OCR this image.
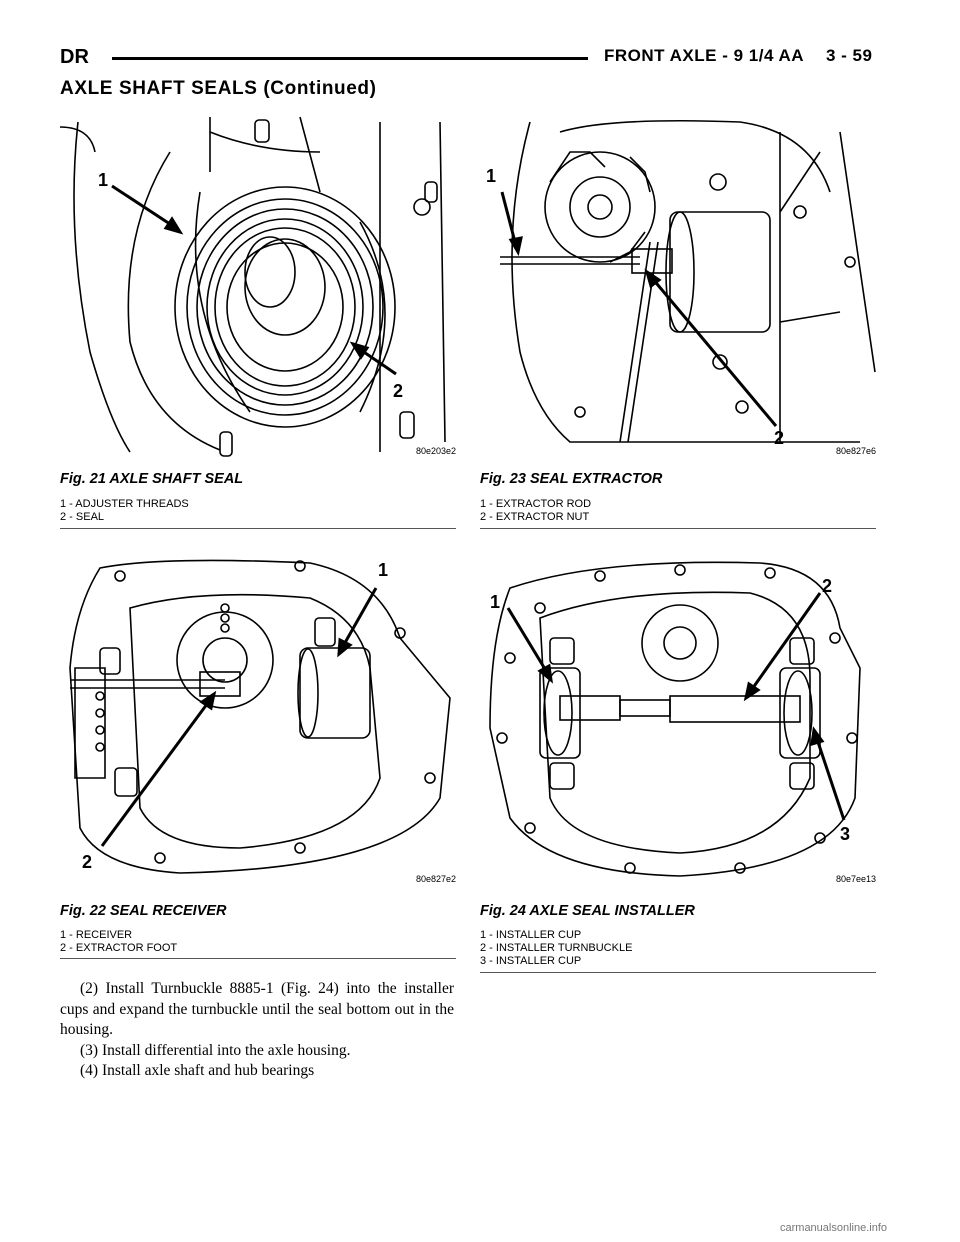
DR	FRONT AXLE - 9 1/4 AA 3 - 59
AXLE SHAFT SEALS (Continued)
1
2
80e203e2
Fig. 21 AXLE SHAFT SEAL
1 - ADJUSTER THREADS
2 - SEAL
1
2
80e827e6
Fig. 23 SEAL EXTRACTOR
1 - EXTRACTOR ROD
2 - EXTRACTOR NUT
1
2
80e827e2
Fig. 22 SEAL RECEIVER
1 - RECEIVER
2 - EXTRACTOR FOOT
1
2
3
80e7ee13
Fig. 24 AXLE SEAL INSTALLER
1 - INSTALLER CUP
2 - INSTALLER TURNBUCKLE
3 - INSTALLER CUP

(2) Install Turnbuckle 8885-1 (Fig. 24) into the installer cups and expand the turnbuckle until the seal bottom out in the housing.

(3) Install differential into the axle housing.

(4) Install axle shaft and hub bearings

carmanualsonline.info
